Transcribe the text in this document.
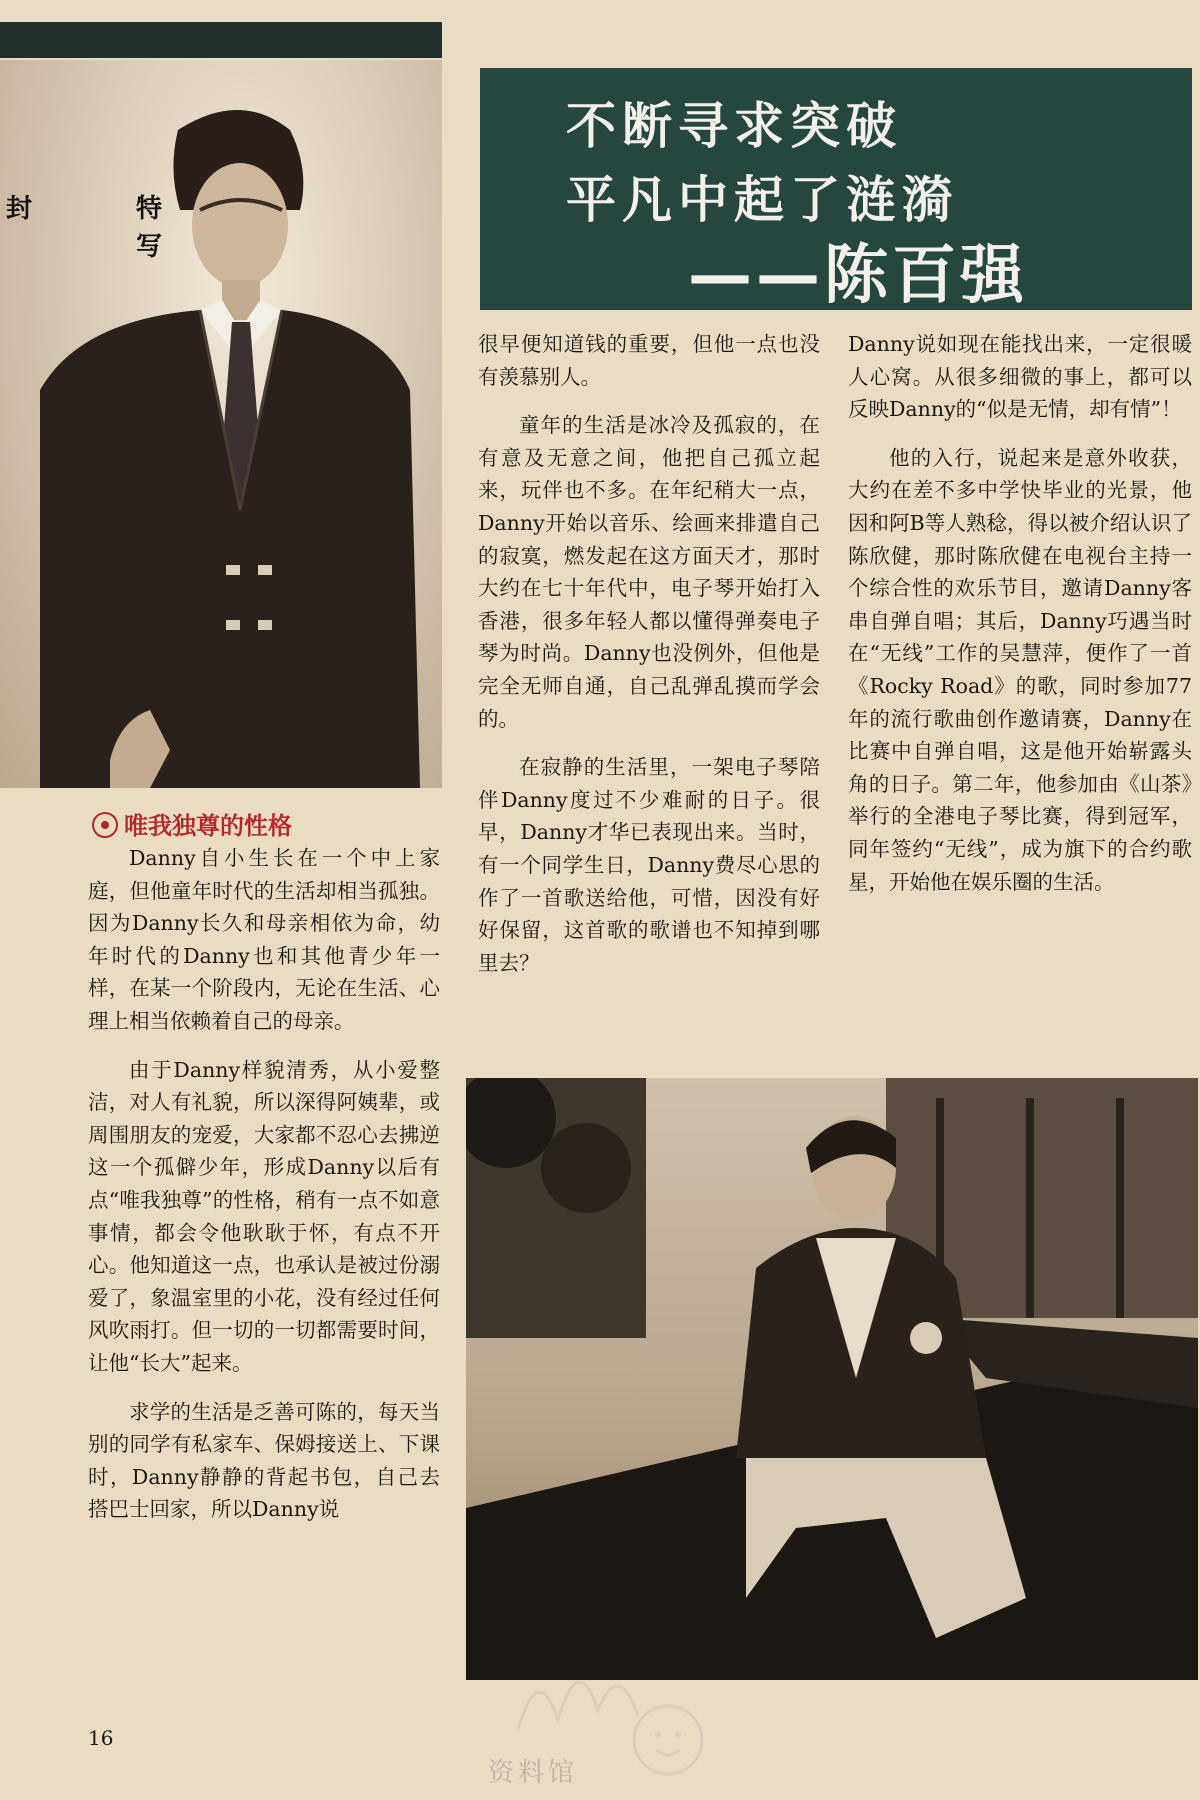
封	特
写
不断寻求突破
平凡中起了涟漪
——陈百强
唯我独尊的性格

Danny自小生长在一个中上家庭，但他童年时代的生活却相当孤独。因为Danny长久和母亲相依为命，幼年时代的Danny也和其他青少年一样，在某一个阶段内，无论在生活、心理上相当依赖着自己的母亲。

由于Danny样貌清秀，从小爱整洁，对人有礼貌，所以深得阿姨辈，或周围朋友的宠爱，大家都不忍心去拂逆这一个孤僻少年，形成Danny以后有点“唯我独尊”的性格，稍有一点不如意事情，都会令他耿耿于怀，有点不开心。他知道这一点，也承认是被过份溺爱了，象温室里的小花，没有经过任何风吹雨打。但一切的一切都需要时间，让他“长大”起来。

求学的生活是乏善可陈的，每天当别的同学有私家车、保姆接送上、下课时，Danny静静的背起书包，自己去搭巴士回家，所以Danny说

很早便知道钱的重要，但他一点也没有羡慕别人。

童年的生活是冰冷及孤寂的，在有意及无意之间，他把自己孤立起来，玩伴也不多。在年纪稍大一点，Danny开始以音乐、绘画来排遣自己的寂寞，燃发起在这方面天才，那时大约在七十年代中，电子琴开始打入香港，很多年轻人都以懂得弹奏电子琴为时尚。Danny也没例外，但他是完全无师自通，自己乱弹乱摸而学会的。

在寂静的生活里，一架电子琴陪伴Danny度过不少难耐的日子。很早，Danny才华已表现出来。当时，有一个同学生日，Danny费尽心思的作了一首歌送给他，可惜，因没有好好保留，这首歌的歌谱也不知掉到哪里去？

Danny说如现在能找出来，一定很暖人心窝。从很多细微的事上，都可以反映Danny的“似是无情，却有情”！

他的入行，说起来是意外收获，大约在差不多中学快毕业的光景，他因和阿B等人熟稔，得以被介绍认识了陈欣健，那时陈欣健在电视台主持一个综合性的欢乐节目，邀请Danny客串自弹自唱；其后，Danny巧遇当时在“无线”工作的吴慧萍，便作了一首《Rocky Road》的歌，同时参加77年的流行歌曲创作邀请赛，Danny在比赛中自弹自唱，这是他开始崭露头角的日子。第二年，他参加由《山茶》举行的全港电子琴比赛，得到冠军，同年签约“无线”，成为旗下的合约歌星，开始他在娱乐圈的生活。

16
资料馆
